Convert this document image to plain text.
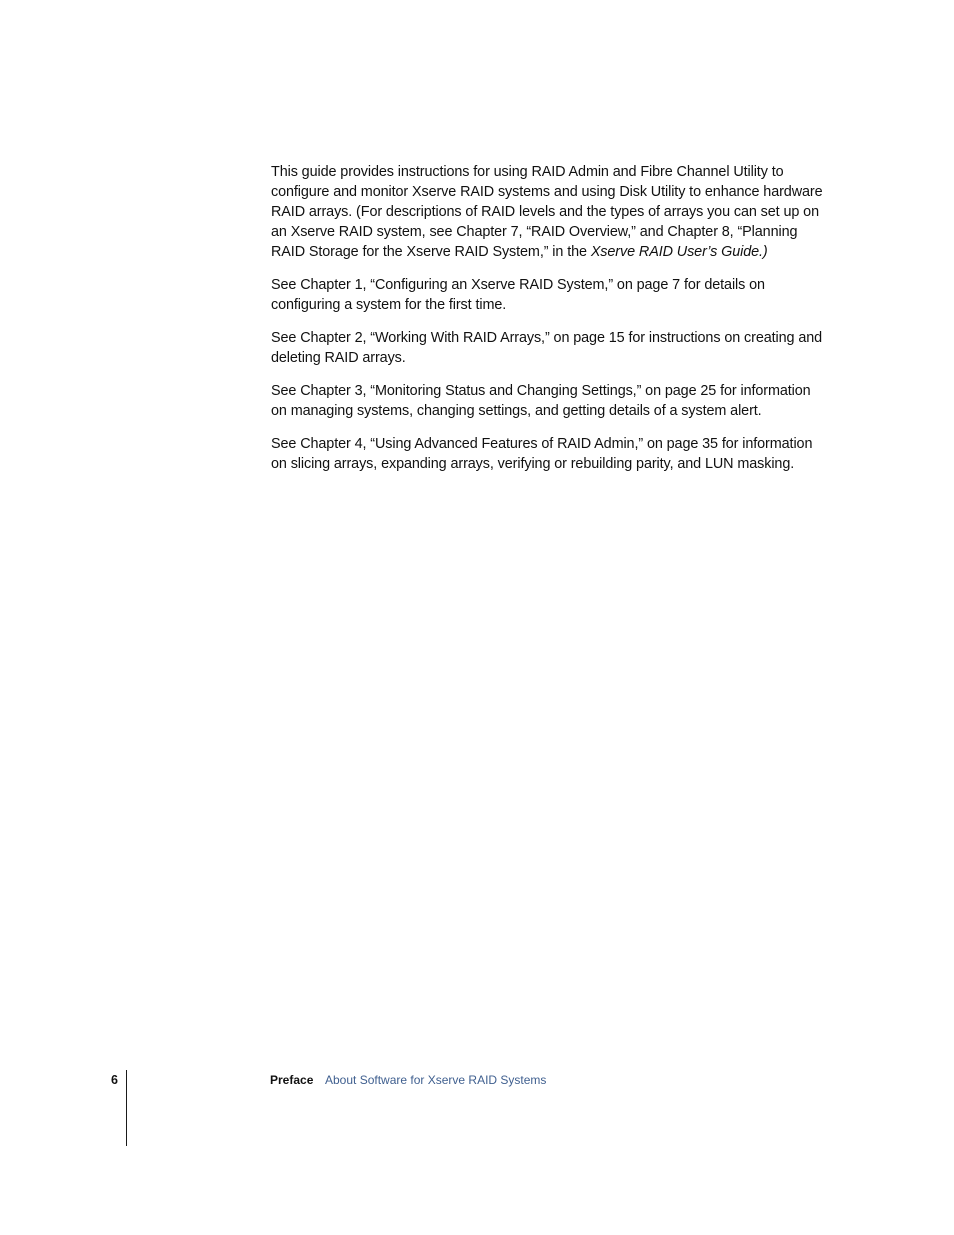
This guide provides instructions for using RAID Admin and Fibre Channel Utility to configure and monitor Xserve RAID systems and using Disk Utility to enhance hardware RAID arrays. (For descriptions of RAID levels and the types of arrays you can set up on an Xserve RAID system, see Chapter 7, “RAID Overview,” and Chapter 8, “Planning RAID Storage for the Xserve RAID System,” in the Xserve RAID User’s Guide.)

See Chapter 1, “Configuring an Xserve RAID System,” on page 7 for details on configuring a system for the first time.

See Chapter 2, “Working With RAID Arrays,” on page 15 for instructions on creating and deleting RAID arrays.

See Chapter 3, “Monitoring Status and Changing Settings,” on page 25 for information on managing systems, changing settings, and getting details of a system alert.

See Chapter 4, “Using Advanced Features of RAID Admin,” on page 35 for information on slicing arrays, expanding arrays, verifying or rebuilding parity, and LUN masking.

6	Preface About Software for Xserve RAID Systems
